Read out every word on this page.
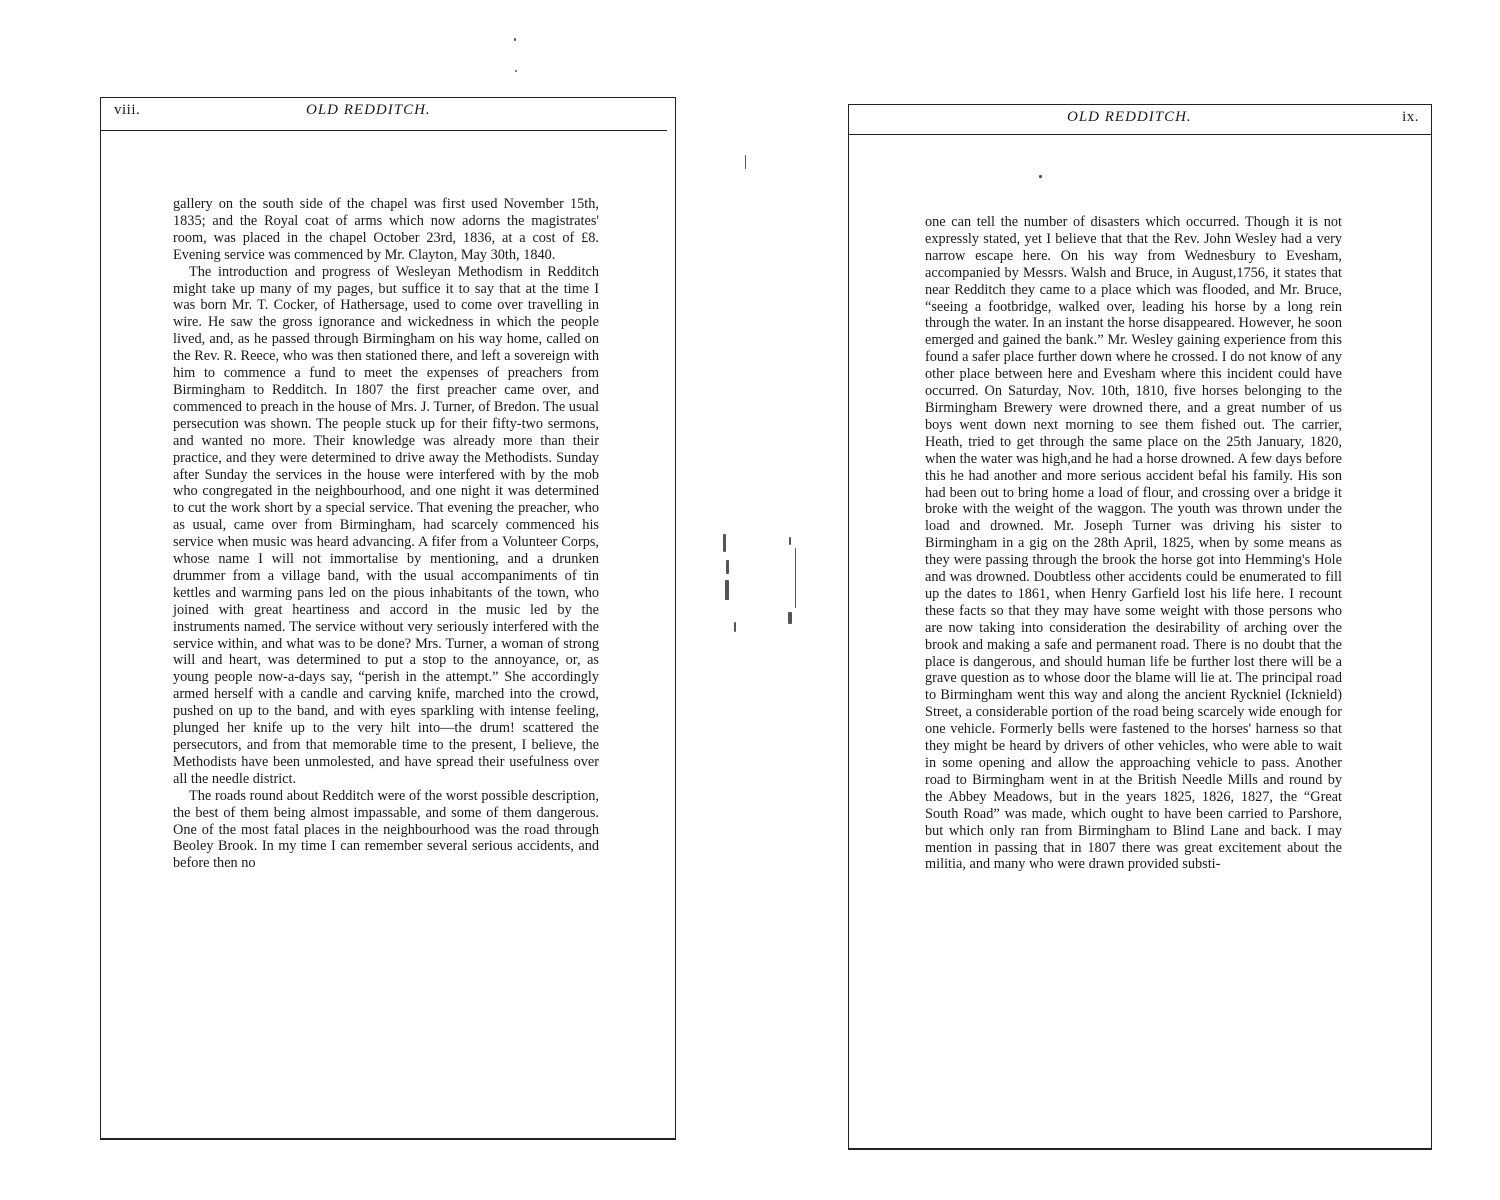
viii.	OLD REDDITCH.

gallery on the south side of the chapel was first used November 15th, 1835; and the Royal coat of arms which now adorns the magistrates' room, was placed in the chapel October 23rd, 1836, at a cost of £8. Evening service was commenced by Mr. Clayton, May 30th, 1840.

The introduction and progress of Wesleyan Methodism in Redditch might take up many of my pages, but suffice it to say that at the time I was born Mr. T. Cocker, of Hathersage, used to come over travelling in wire. He saw the gross ignorance and wickedness in which the people lived, and, as he passed through Birmingham on his way home, called on the Rev. R. Reece, who was then stationed there, and left a sovereign with him to commence a fund to meet the expenses of preachers from Birmingham to Redditch. In 1807 the first preacher came over, and commenced to preach in the house of Mrs. J. Turner, of Bredon. The usual persecution was shown. The people stuck up for their fifty-two sermons, and wanted no more. Their knowledge was already more than their practice, and they were determined to drive away the Methodists. Sunday after Sunday the services in the house were interfered with by the mob who congregated in the neighbourhood, and one night it was determined to cut the work short by a special service. That evening the preacher, who as usual, came over from Birmingham, had scarcely commenced his service when music was heard advancing. A fifer from a Volunteer Corps, whose name I will not immortalise by mentioning, and a drunken drummer from a village band, with the usual accompaniments of tin kettles and warming pans led on the pious inhabitants of the town, who joined with great heartiness and accord in the music led by the instruments named. The service without very seriously interfered with the service within, and what was to be done? Mrs. Turner, a woman of strong will and heart, was determined to put a stop to the annoyance, or, as young people now-a-days say, “perish in the attempt.” She accordingly armed herself with a candle and carving knife, marched into the crowd, pushed on up to the band, and with eyes sparkling with intense feeling, plunged her knife up to the very hilt into—the drum! scattered the persecutors, and from that memorable time to the present, I believe, the Methodists have been unmolested, and have spread their usefulness over all the needle district.

The roads round about Redditch were of the worst possible description, the best of them being almost impassable, and some of them dangerous. One of the most fatal places in the neighbourhood was the road through Beoley Brook. In my time I can remember several serious accidents, and before then no

OLD REDDITCH.	ix.

one can tell the number of disasters which occurred. Though it is not expressly stated, yet I believe that that the Rev. John Wesley had a very narrow escape here. On his way from Wednesbury to Evesham, accompanied by Messrs. Walsh and Bruce, in August,1756, it states that near Redditch they came to a place which was flooded, and Mr. Bruce, “seeing a footbridge, walked over, leading his horse by a long rein through the water. In an instant the horse disappeared. However, he soon emerged and gained the bank.” Mr. Wesley gaining experience from this found a safer place further down where he crossed. I do not know of any other place between here and Evesham where this incident could have occurred. On Saturday, Nov. 10th, 1810, five horses belonging to the Birmingham Brewery were drowned there, and a great number of us boys went down next morning to see them fished out. The carrier, Heath, tried to get through the same place on the 25th January, 1820, when the water was high,and he had a horse drowned. A few days before this he had another and more serious accident befal his family. His son had been out to bring home a load of flour, and crossing over a bridge it broke with the weight of the waggon. The youth was thrown under the load and drowned. Mr. Joseph Turner was driving his sister to Birmingham in a gig on the 28th April, 1825, when by some means as they were passing through the brook the horse got into Hemming's Hole and was drowned. Doubtless other accidents could be enumerated to fill up the dates to 1861, when Henry Garfield lost his life here. I recount these facts so that they may have some weight with those persons who are now taking into consideration the desirability of arching over the brook and making a safe and permanent road. There is no doubt that the place is dangerous, and should human life be further lost there will be a grave question as to whose door the blame will lie at. The principal road to Birmingham went this way and along the ancient Ryckniel (Icknield) Street, a considerable portion of the road being scarcely wide enough for one vehicle. Formerly bells were fastened to the horses' harness so that they might be heard by drivers of other vehicles, who were able to wait in some opening and allow the approaching vehicle to pass. Another road to Birmingham went in at the British Needle Mills and round by the Abbey Meadows, but in the years 1825, 1826, 1827, the “Great South Road” was made, which ought to have been carried to Parshore, but which only ran from Birmingham to Blind Lane and back. I may mention in passing that in 1807 there was great excitement about the militia, and many who were drawn provided substi-
